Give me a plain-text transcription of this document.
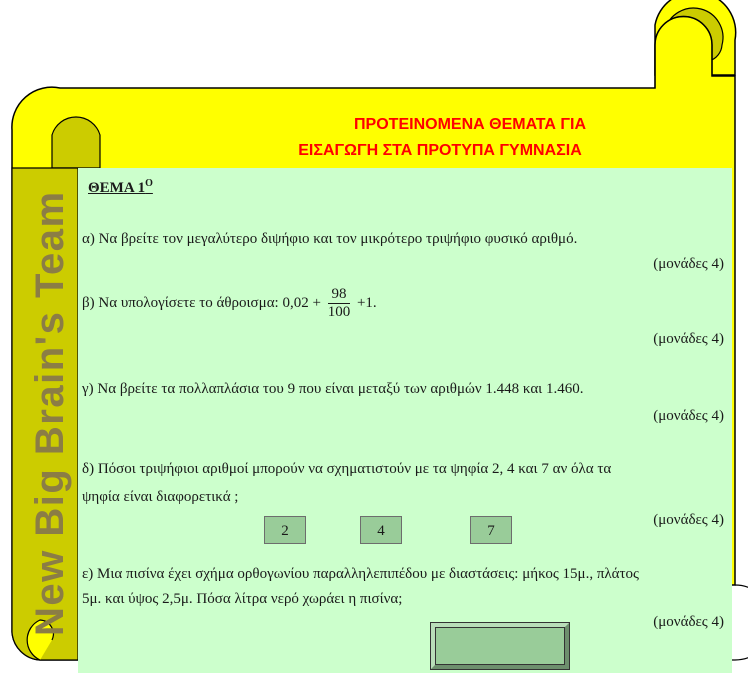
ΠΡΟΤΕΙΝΟΜΕΝΑ ΘΕΜΑΤΑ ΓΙΑ
ΕΙΣΑΓΩΓΗ ΣΤΑ ΠΡΟΤΥΠΑ ΓΥΜΝΑΣΙΑ
New Big Brain's Team
ΘΕΜΑ $1^O$
α) Να βρείτε τον μεγαλύτερο διψήφιο και τον μικρότερο τριψήφιο φυσικό αριθμό.
(μονάδες 4)
β) Να υπολογίσετε το άθροισμα: $0,02 + \frac{98}{100} +1$.
(μονάδες 4)
γ) Να βρείτε τα πολλαπλάσια του 9 που είναι μεταξύ των αριθμών 1.448 και 1.460.
(μονάδες 4)
δ) Πόσοι τριψήφιοι αριθμοί μπορούν να σχηματιστούν με τα ψηφία 2, 4 και 7 αν όλα τα
ψηφία είναι διαφορετικά ;
2	4	7
(μονάδες 4)
ε) Μια πισίνα έχει σχήμα ορθογωνίου παραλληλεπιπέδου με διαστάσεις: μήκος 15μ., πλάτος
5μ. και ύψος 2,5μ. Πόσα λίτρα νερό χωράει η πισίνα;
(μονάδες 4)
